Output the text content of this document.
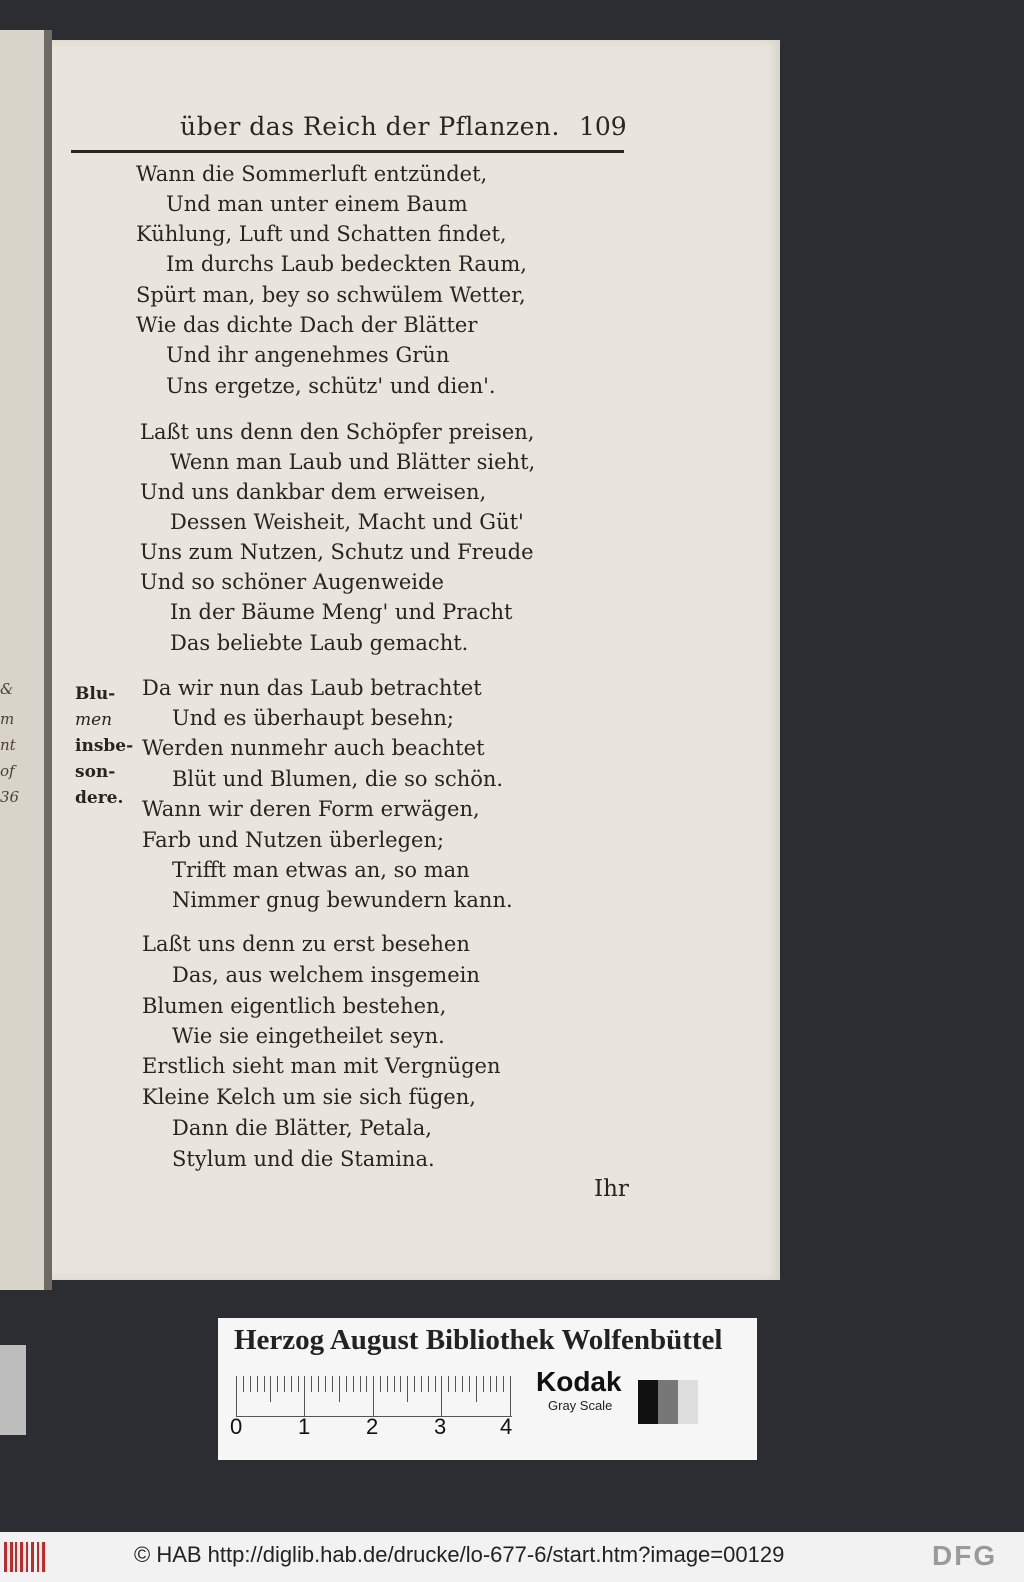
&
m
nt
of
36
über das Reich der Pflanzen. 109
Wann die Sommerluft entzündet,
Und man unter einem Baum
Kühlung, Luft und Schatten findet,
Im durchs Laub bedeckten Raum,
Spürt man, bey so schwülem Wetter,
Wie das dichte Dach der Blätter
Und ihr angenehmes Grün
Uns ergetze, schütz' und dien'.
Laßt uns denn den Schöpfer preisen,
Wenn man Laub und Blätter sieht,
Und uns dankbar dem erweisen,
Dessen Weisheit, Macht und Güt'
Uns zum Nutzen, Schutz und Freude
Und so schöner Augenweide
In der Bäume Meng' und Pracht
Das beliebte Laub gemacht.
Blu-
men
insbe-
son-
dere.
Da wir nun das Laub betrachtet
Und es überhaupt besehn;
Werden nunmehr auch beachtet
Blüt und Blumen, die so schön.
Wann wir deren Form erwägen,
Farb und Nutzen überlegen;
Trifft man etwas an, so man
Nimmer gnug bewundern kann.
Laßt uns denn zu erst besehen
Das, aus welchem insgemein
Blumen eigentlich bestehen,
Wie sie eingetheilet seyn.
Erstlich sieht man mit Vergnügen
Kleine Kelch um sie sich fügen,
Dann die Blätter, Petala,
Stylum und die Stamina.
Ihr
Herzog August Bibliothek Wolfenbüttel
0	1	2	3 4
Kodak
Gray Scale
© HAB http://diglib.hab.de/drucke/lo-677-6/start.htm?image=00129	DFG
